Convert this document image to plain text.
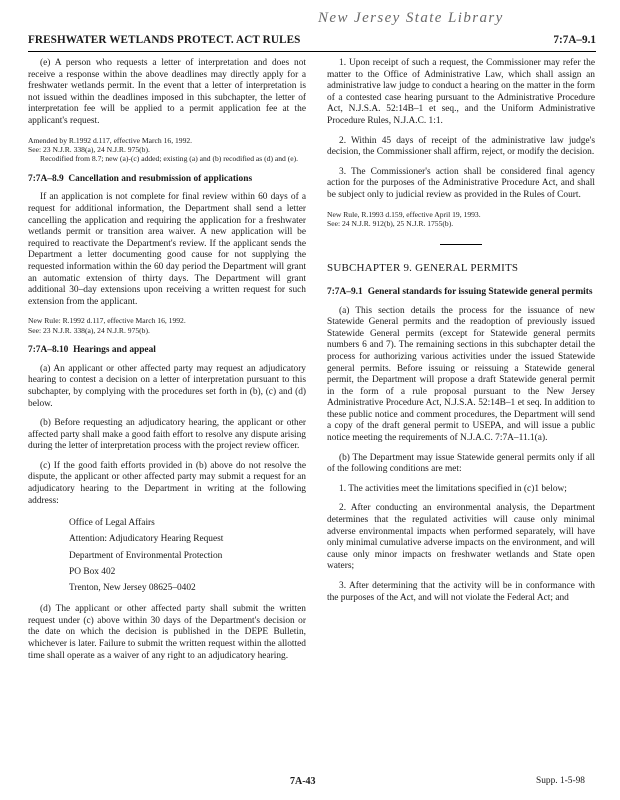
New Jersey State Library
FRESHWATER WETLANDS PROTECT. ACT RULES	7:7A–9.1

(e) A person who requests a letter of interpretation and does not receive a response within the above deadlines may directly apply for a freshwater wetlands permit. In the event that a letter of interpretation is not issued within the deadlines imposed in this subchapter, the letter of interpretation fee will be applied to a permit application fee at the applicant's request.

Amended by R.1992 d.117, effective March 16, 1992.
See: 23 N.J.R. 338(a), 24 N.J.R. 975(b).
Recodified from 8.7; new (a)-(c) added; existing (a) and (b) recodified as (d) and (e).
7:7A–8.9 Cancellation and resubmission of applications

If an application is not complete for final review within 60 days of a request for additional information, the Department shall send a letter cancelling the application and requiring the application for a freshwater wetlands permit or transition area waiver. A new application will be required to reactivate the Department's review. If the applicant sends the Department a letter documenting good cause for not supplying the requested information within the 60 day period the Department will grant an automatic extension of thirty days. The Department will grant additional 30–day extensions upon receiving a written request for such extension from the applicant.

New Rule: R.1992 d.117, effective March 16, 1992.
See: 23 N.J.R. 338(a), 24 N.J.R. 975(b).
7:7A–8.10 Hearings and appeal

(a) An applicant or other affected party may request an adjudicatory hearing to contest a decision on a letter of interpretation pursuant to this subchapter, by complying with the procedures set forth in (b), (c) and (d) below.

(b) Before requesting an adjudicatory hearing, the applicant or other affected party shall make a good faith effort to resolve any dispute arising during the letter of interpretation process with the project review officer.

(c) If the good faith efforts provided in (b) above do not resolve the dispute, the applicant or other affected party may submit a request for an adjudicatory hearing to the Department in writing at the following address:

Office of Legal Affairs
Attention: Adjudicatory Hearing Request
Department of Environmental Protection
PO Box 402
Trenton, New Jersey 08625–0402

(d) The applicant or other affected party shall submit the written request under (c) above within 30 days of the Department's decision or the date on which the decision is published in the DEPE Bulletin, whichever is later. Failure to submit the written request within the allotted time shall operate as a waiver of any right to an adjudicatory hearing.

1. Upon receipt of such a request, the Commissioner may refer the matter to the Office of Administrative Law, which shall assign an administrative law judge to conduct a hearing on the matter in the form of a contested case hearing pursuant to the Administrative Procedure Act, N.J.S.A. 52:14B–1 et seq., and the Uniform Administrative Procedure Rules, N.J.A.C. 1:1.

2. Within 45 days of receipt of the administrative law judge's decision, the Commissioner shall affirm, reject, or modify the decision.

3. The Commissioner's action shall be considered final agency action for the purposes of the Administrative Procedure Act, and shall be subject only to judicial review as provided in the Rules of Court.

New Rule, R.1993 d.159, effective April 19, 1993.
See: 24 N.J.R. 912(b), 25 N.J.R. 1755(b).
SUBCHAPTER 9. GENERAL PERMITS
7:7A–9.1 General standards for issuing Statewide general permits

(a) This section details the process for the issuance of new Statewide General permits and the readoption of previously issued Statewide General permits (except for Statewide general permits numbers 6 and 7). The remaining sections in this subchapter detail the process for authorizing various activities under the issued Statewide general permits. Before issuing or reissuing a Statewide general permit, the Department will propose a draft Statewide general permit in the form of a rule proposal pursuant to the New Jersey Administrative Procedure Act, N.J.S.A. 52:14B–1 et seq. In addition to these public notice and comment procedures, the Department will send a copy of the draft general permit to USEPA, and will issue a public notice meeting the requirements of N.J.A.C. 7:7A–11.1(a).

(b) The Department may issue Statewide general permits only if all of the following conditions are met:

1. The activities meet the limitations specified in (c)1 below;

2. After conducting an environmental analysis, the Department determines that the regulated activities will cause only minimal adverse environmental impacts when performed separately, will have only minimal cumulative adverse impacts on the environment, and will cause only minor impacts on freshwater wetlands and State open waters;

3. After determining that the activity will be in conformance with the purposes of the Act, and will not violate the Federal Act; and

7A-43	Supp. 1-5-98
